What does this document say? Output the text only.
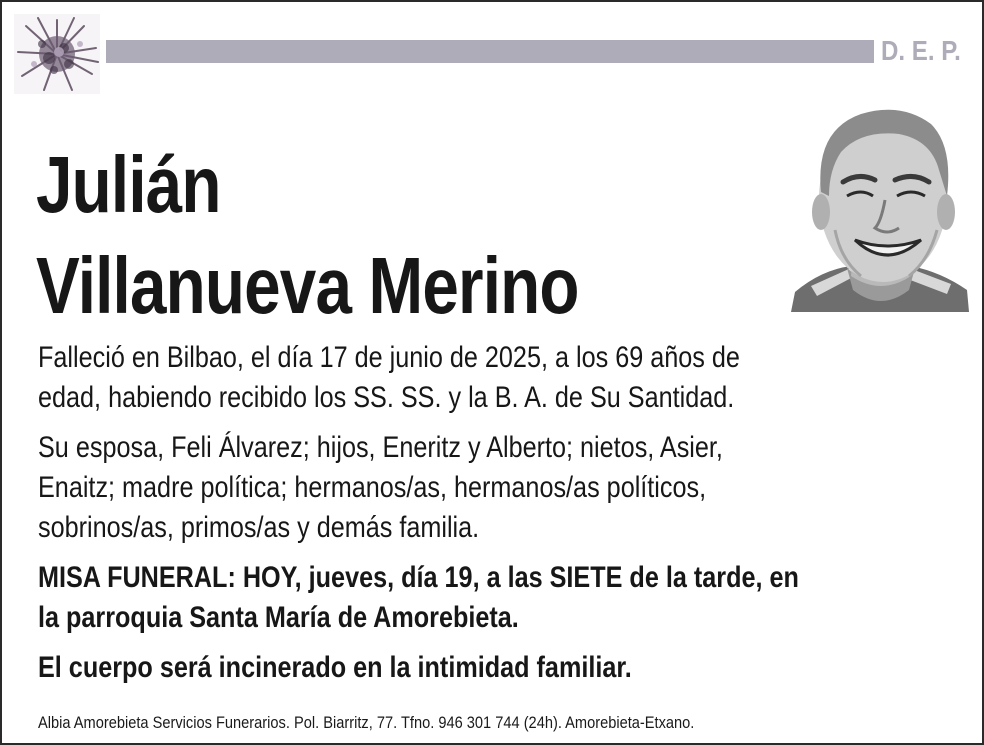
D. E. P.
Julián
Villanueva Merino
Falleció en Bilbao, el día 17 de junio de 2025, a los 69 años de
edad, habiendo recibido los SS. SS. y la B. A. de Su Santidad.
Su esposa, Feli Álvarez; hijos, Eneritz y Alberto; nietos, Asier,
Enaitz; madre política; hermanos/as, hermanos/as políticos,
sobrinos/as, primos/as y demás familia.
MISA FUNERAL: HOY, jueves, día 19, a las SIETE de la tarde, en
la parroquia Santa María de Amorebieta.
El cuerpo será incinerado en la intimidad familiar.
Albia Amorebieta Servicios Funerarios. Pol. Biarritz, 77. Tfno. 946 301 744 (24h). Amorebieta-Etxano.
